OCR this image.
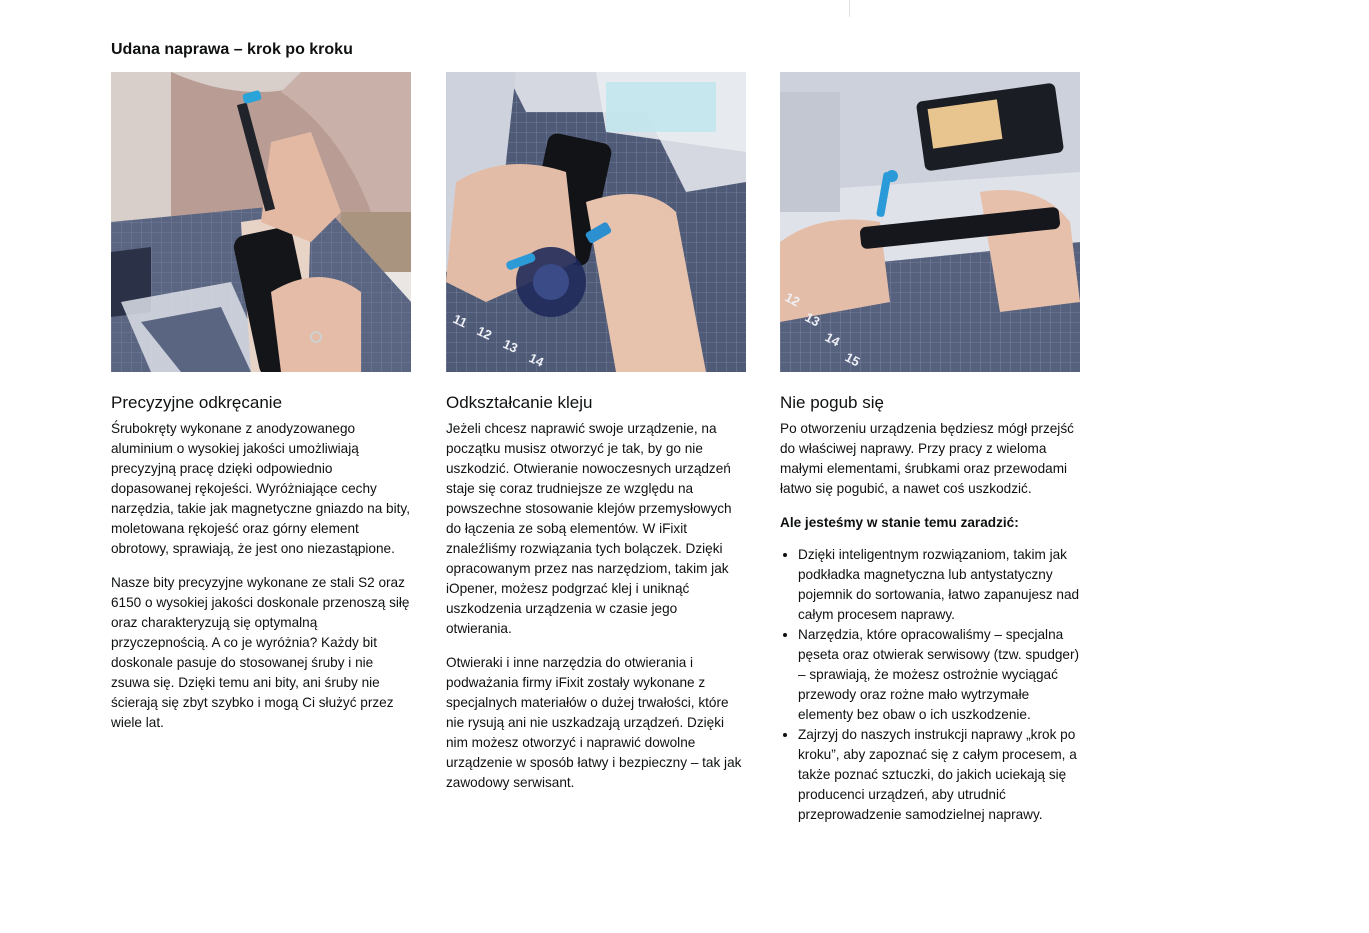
Udana naprawa – krok po kroku
Precyzyjne odkręcanie

Śrubokręty wykonane z anodyzowanego aluminium o wysokiej jakości umożliwiają precyzyjną pracę dzięki odpowiednio dopasowanej rękojeści. Wyróżniające cechy narzędzia, takie jak magnetyczne gniazdo na bity, moletowana rękojeść oraz górny element obrotowy, sprawiają, że jest ono niezastąpione.

Nasze bity precyzyjne wykonane ze stali S2 oraz 6150 o wysokiej jakości doskonale przenoszą siłę oraz charakteryzują się optymalną przyczepnością. A co je wyróżnia? Każdy bit doskonale pasuje do stosowanej śruby i nie zsuwa się. Dzięki temu ani bity, ani śruby nie ścierają się zbyt szybko i mogą Ci służyć przez wiele lat.

11
12
13
14
Odkształcanie kleju

Jeżeli chcesz naprawić swoje urządzenie, na początku musisz otworzyć je tak, by go nie uszkodzić. Otwieranie nowoczesnych urządzeń staje się coraz trudniejsze ze względu na powszechne stosowanie klejów przemysłowych do łączenia ze sobą elementów. W iFixit znaleźliśmy rozwiązania tych bolączek. Dzięki opracowanym przez nas narzędziom, takim jak iOpener, możesz podgrzać klej i uniknąć uszkodzenia urządzenia w czasie jego otwierania.

Otwieraki i inne narzędzia do otwierania i podważania firmy iFixit zostały wykonane z specjalnych materiałów o dużej trwałości, które nie rysują ani nie uszkadzają urządzeń. Dzięki nim możesz otworzyć i naprawić dowolne urządzenie w sposób łatwy i bezpieczny – tak jak zawodowy serwisant.

12
13
14
15
Nie pogub się

Po otworzeniu urządzenia będziesz mógł przejść do właściwej naprawy. Przy pracy z wieloma małymi elementami, śrubkami oraz przewodami łatwo się pogubić, a nawet coś uszkodzić.

Ale jesteśmy w stanie temu zaradzić:

• Dzięki inteligentnym rozwiązaniom, takim jak podkładka magnetyczna lub antystatyczny pojemnik do sortowania, łatwo zapanujesz nad całym procesem naprawy.
• Narzędzia, które opracowaliśmy – specjalna pęseta oraz otwierak serwisowy (tzw. spudger) – sprawiają, że możesz ostrożnie wyciągać przewody oraz rożne mało wytrzymałe elementy bez obaw o ich uszkodzenie.
• Zajrzyj do naszych instrukcji naprawy „krok po kroku”, aby zapoznać się z całym procesem, a także poznać sztuczki, do jakich uciekają się producenci urządzeń, aby utrudnić przeprowadzenie samodzielnej naprawy.
